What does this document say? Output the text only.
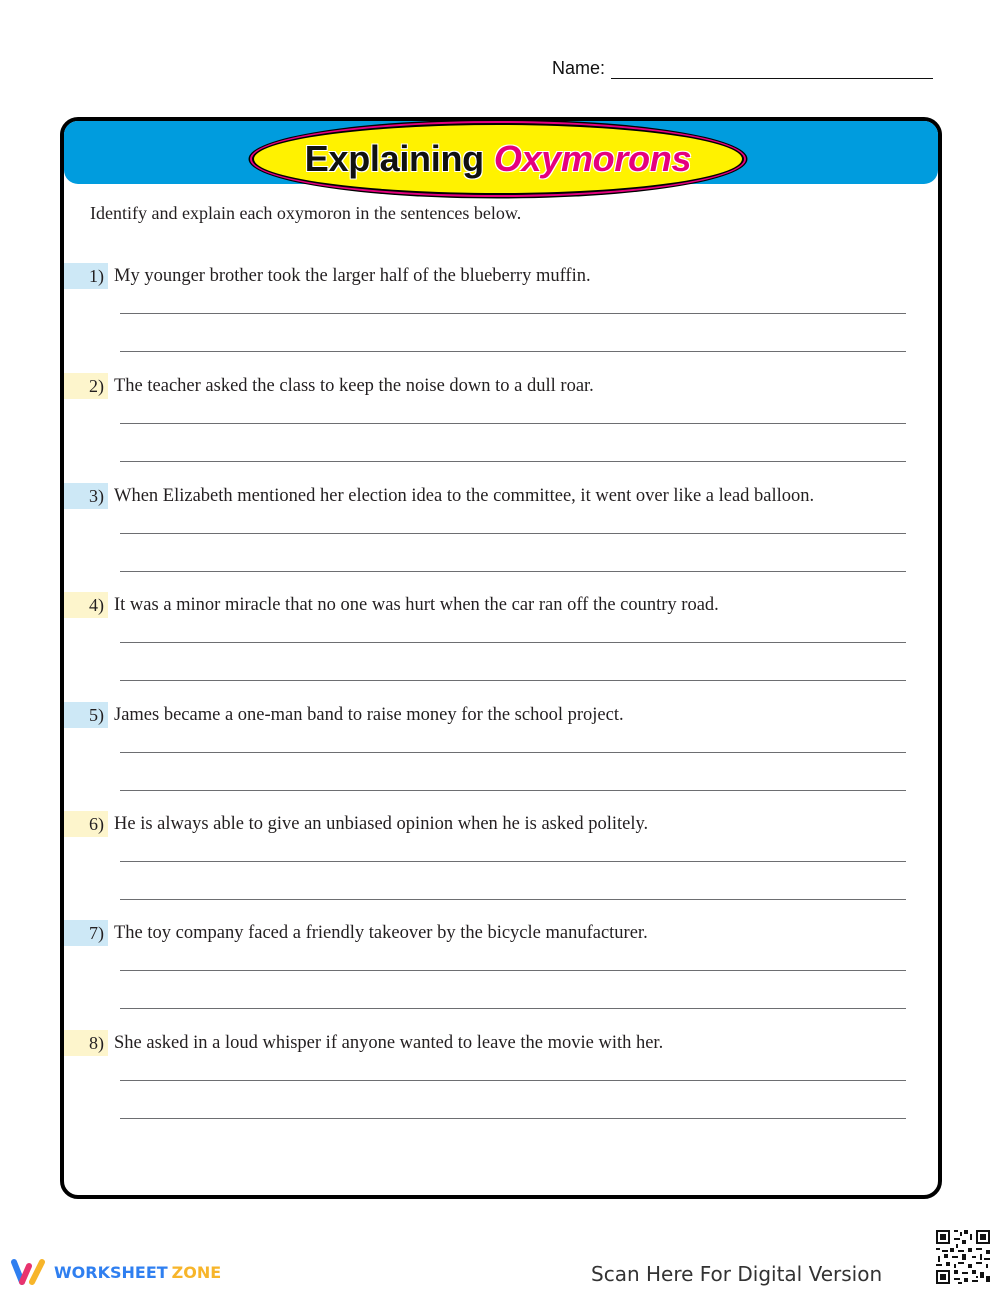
Name:
Explaining Oxymorons
Identify and explain each oxymoron in the sentences below.
1) My younger brother took the larger half of the blueberry muffin.
2) The teacher asked the class to keep the noise down to a dull roar.
3) When Elizabeth mentioned her election idea to the committee, it went over like a lead balloon.
4) It was a minor miracle that no one was hurt when the car ran off the country road.
5) James became a one-man band to raise money for the school project.
6) He is always able to give an unbiased opinion when he is asked politely.
7) The toy company faced a friendly takeover by the bicycle manufacturer.
8) She asked in a loud whisper if anyone wanted to leave the movie with her.
WORKSHEET ZONE	Scan Here For Digital Version
